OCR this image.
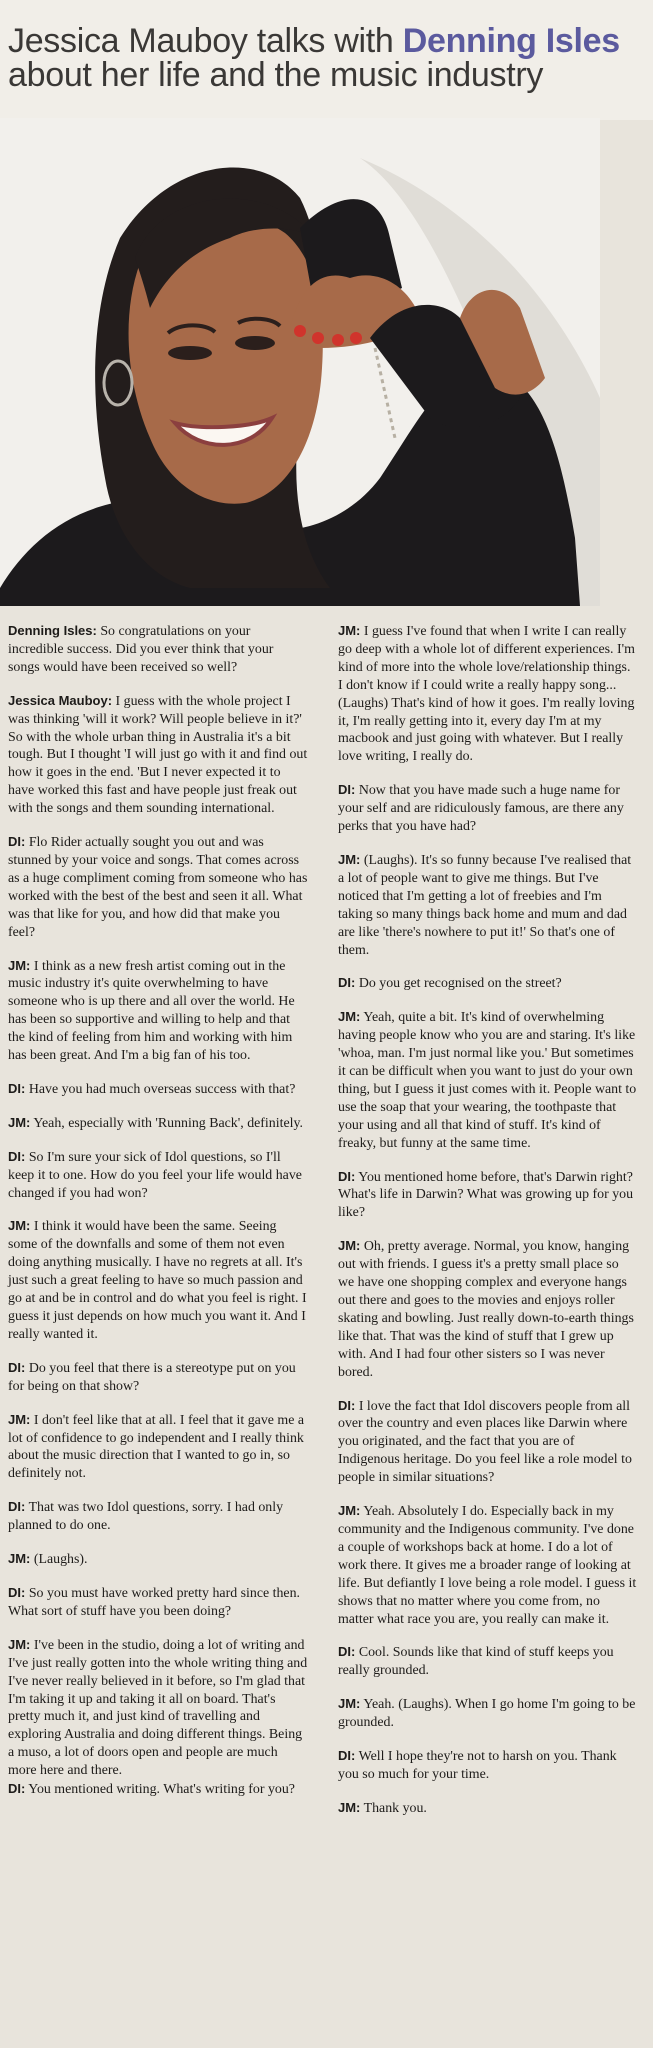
Jessica Mauboy talks with Denning Isles
about her life and the music industry

Denning Isles: So congratulations on your incredible success. Did you ever think that your songs would have been received so well?

Jessica Mauboy: I guess with the whole project I was thinking 'will it work? Will people believe in it?' So with the whole urban thing in Australia it's a bit tough. But I thought 'I will just go with it and find out how it goes in the end. 'But I never expected it to have worked this fast and have people just freak out with the songs and them sounding international.

DI: Flo Rider actually sought you out and was stunned by your voice and songs. That comes across as a huge compliment coming from someone who has worked with the best of the best and seen it all. What was that like for you, and how did that make you feel?

JM: I think as a new fresh artist coming out in the music industry it's quite overwhelming to have someone who is up there and all over the world. He has been so supportive and willing to help and that the kind of feeling from him and working with him has been great. And I'm a big fan of his too.

DI: Have you had much overseas success with that?

JM: Yeah, especially with 'Running Back', definitely.

DI: So I'm sure your sick of Idol questions, so I'll keep it to one. How do you feel your life would have changed if you had won?

JM: I think it would have been the same. Seeing some of the downfalls and some of them not even doing anything musically. I have no regrets at all. It's just such a great feeling to have so much passion and go at and be in control and do what you feel is right. I guess it just depends on how much you want it. And I really wanted it.

DI: Do you feel that there is a stereotype put on you for being on that show?

JM: I don't feel like that at all. I feel that it gave me a lot of confidence to go independent and I really think about the music direction that I wanted to go in, so definitely not.

DI: That was two Idol questions, sorry. I had only planned to do one.

JM: (Laughs).

DI: So you must have worked pretty hard since then. What sort of stuff have you been doing?

JM: I've been in the studio, doing a lot of writing and I've just really gotten into the whole writing thing and I've never really believed in it before, so I'm glad that I'm taking it up and taking it all on board. That's pretty much it, and just kind of travelling and exploring Australia and doing different things. Being a muso, a lot of doors open and people are much more here and there.

DI: You mentioned writing. What's writing for you?

JM: I guess I've found that when I write I can really go deep with a whole lot of different experiences. I'm kind of more into the whole love/relationship things. I don't know if I could write a really happy song... (Laughs) That's kind of how it goes. I'm really loving it, I'm really getting into it, every day I'm at my macbook and just going with whatever. But I really love writing, I really do.

DI: Now that you have made such a huge name for your self and are ridiculously famous, are there any perks that you have had?

JM: (Laughs). It's so funny because I've realised that a lot of people want to give me things. But I've noticed that I'm getting a lot of freebies and I'm taking so many things back home and mum and dad are like 'there's nowhere to put it!' So that's one of them.

DI: Do you get recognised on the street?

JM: Yeah, quite a bit. It's kind of overwhelming having people know who you are and staring. It's like 'whoa, man. I'm just normal like you.' But sometimes it can be difficult when you want to just do your own thing, but I guess it just comes with it. People want to use the soap that your wearing, the toothpaste that your using and all that kind of stuff. It's kind of freaky, but funny at the same time.

DI: You mentioned home before, that's Darwin right? What's life in Darwin? What was growing up for you like?

JM: Oh, pretty average. Normal, you know, hanging out with friends. I guess it's a pretty small place so we have one shopping complex and everyone hangs out there and goes to the movies and enjoys roller skating and bowling. Just really down-to-earth things like that. That was the kind of stuff that I grew up with. And I had four other sisters so I was never bored.

DI: I love the fact that Idol discovers people from all over the country and even places like Darwin where you originated, and the fact that you are of Indigenous heritage. Do you feel like a role model to people in similar situations?

JM: Yeah. Absolutely I do. Especially back in my community and the Indigenous community. I've done a couple of workshops back at home. I do a lot of work there. It gives me a broader range of looking at life. But defiantly I love being a role model. I guess it shows that no matter where you come from, no matter what race you are, you really can make it.

DI: Cool. Sounds like that kind of stuff keeps you really grounded.

JM: Yeah. (Laughs). When I go home I'm going to be grounded.

DI: Well I hope they're not to harsh on you. Thank you so much for your time.

JM: Thank you.
